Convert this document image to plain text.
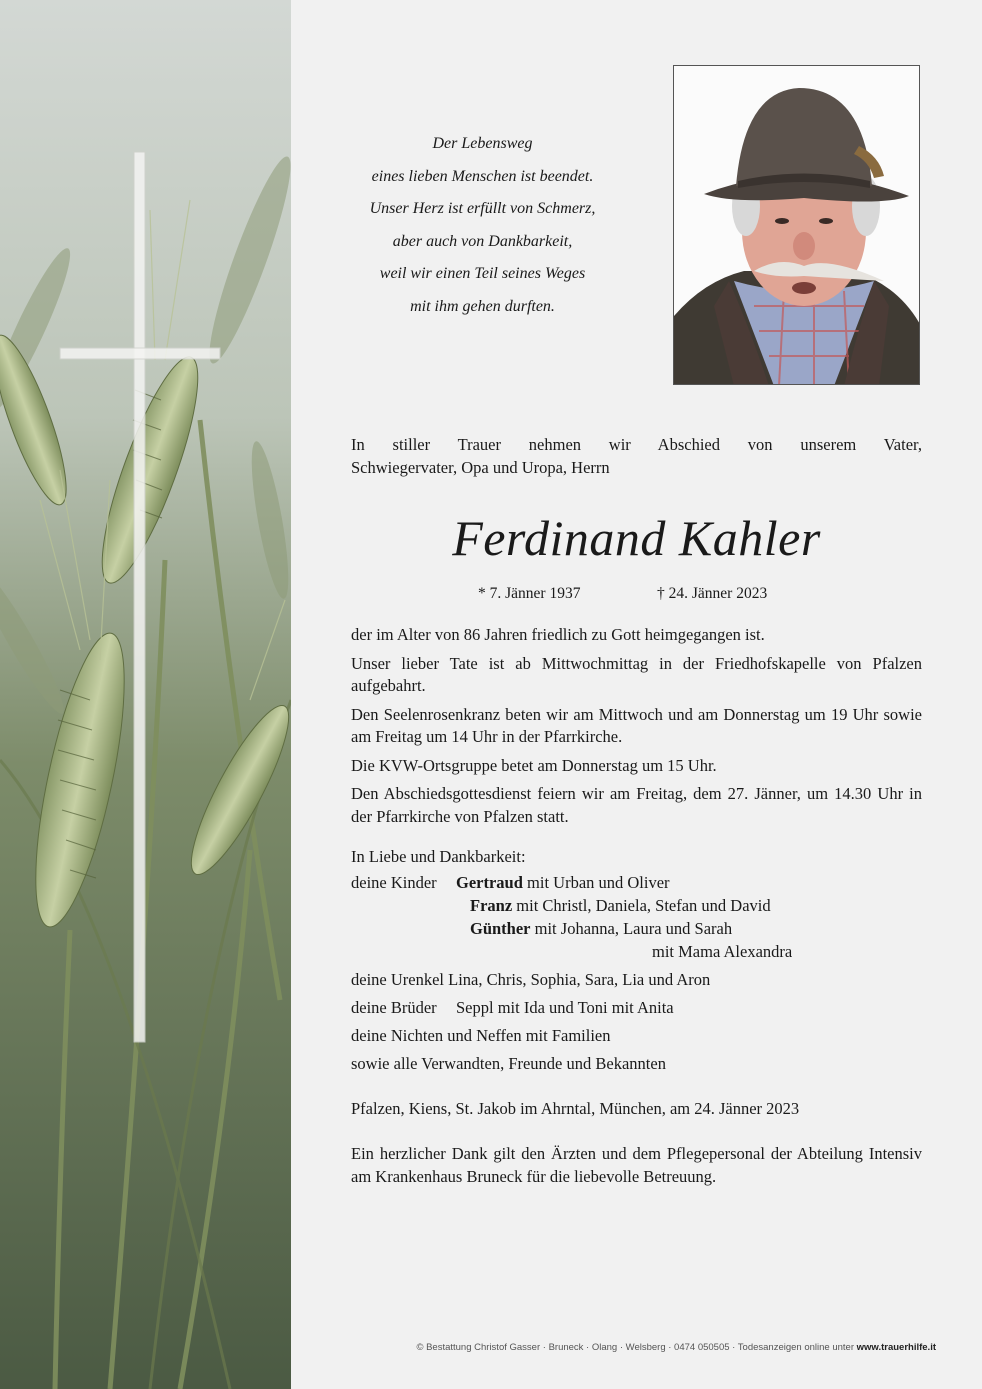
Der Lebensweg
eines lieben Menschen ist beendet.
Unser Herz ist erfüllt von Schmerz,
aber auch von Dankbarkeit,
weil wir einen Teil seines Weges
mit ihm gehen durften.
In stiller Trauer nehmen wir Abschied von unserem Vater,
Schwiegervater, Opa und Uropa, Herrn
Ferdinand Kahler
* 7. Jänner 1937	† 24. Jänner 2023

der im Alter von 86 Jahren friedlich zu Gott heimgegangen ist.

Unser lieber Tate ist ab Mittwochmittag in der Friedhofskapelle von Pfalzen aufgebahrt.

Den Seelenrosenkranz beten wir am Mittwoch und am Donnerstag um 19 Uhr sowie am Freitag um 14 Uhr in der Pfarrkirche.

Die KVW-Ortsgruppe betet am Donnerstag um 15 Uhr.

Den Abschiedsgottesdienst feiern wir am Freitag, dem 27. Jänner, um 14.30 Uhr in der Pfarrkirche von Pfalzen statt.

In Liebe und Dankbarkeit:
deine Kinder Gertraud mit Urban und Oliver
Franz mit Christl, Daniela, Stefan und David
Günther mit Johanna, Laura und Sarah
mit Mama Alexandra
deine Urenkel Lina, Chris, Sophia, Sara, Lia und Aron
deine Brüder Seppl mit Ida und Toni mit Anita
deine Nichten und Neffen mit Familien
sowie alle Verwandten, Freunde und Bekannten
Pfalzen, Kiens, St. Jakob im Ahrntal, München, am 24. Jänner 2023
Ein herzlicher Dank gilt den Ärzten und dem Pflegepersonal der Abteilung Intensiv am Krankenhaus Bruneck für die liebevolle Betreuung.
© Bestattung Christof Gasser · Bruneck · Olang · Welsberg · 0474 050505 · Todesanzeigen online unter www.trauerhilfe.it
